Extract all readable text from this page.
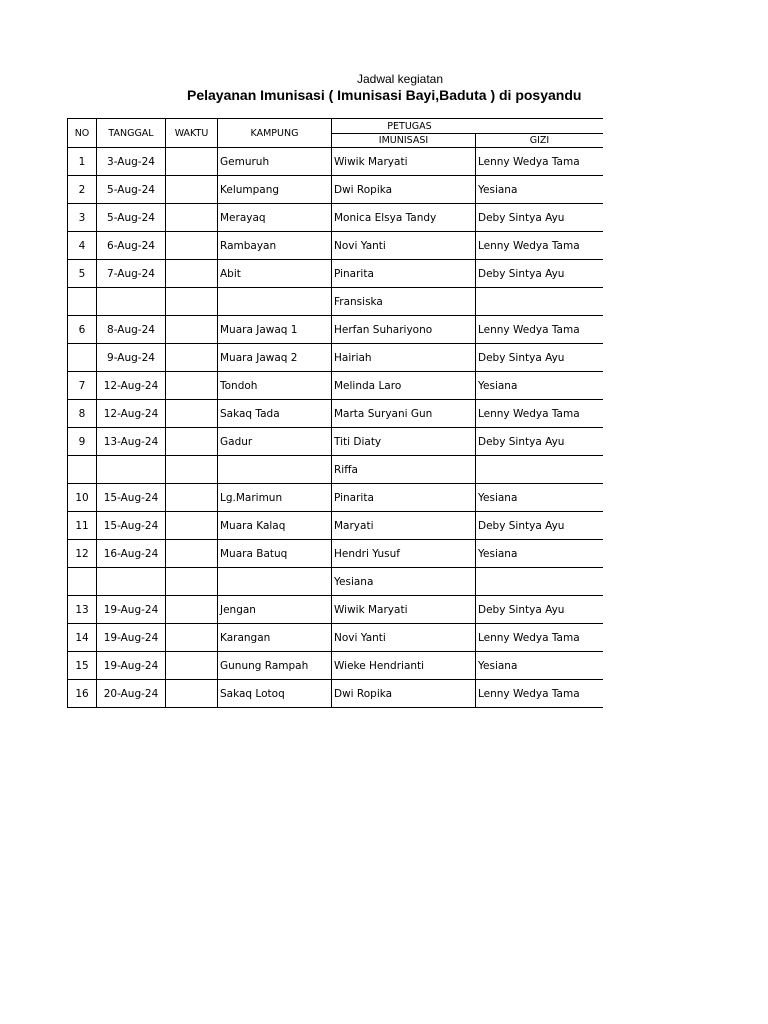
Jadwal kegiatan
Pelayanan Imunisasi ( Imunisasi Bayi,Baduta ) di posyandu
NO	TANGGAL	WAKTU	KAMPUNG	PETUGAS	
				IMUNISASI	GIZI
1	3-Aug-24		Gemuruh	Wiwik Maryati	Lenny Wedya Tama
2	5-Aug-24		Kelumpang	Dwi Ropika	Yesiana
3	5-Aug-24		Merayaq	Monica Elsya Tandy	Deby Sintya Ayu
4	6-Aug-24		Rambayan	Novi Yanti	Lenny Wedya Tama
5	7-Aug-24		Abit	Pinarita	Deby Sintya Ayu
				Fransiska	
6	8-Aug-24		Muara Jawaq 1	Herfan Suhariyono	Lenny Wedya Tama
	9-Aug-24		Muara Jawaq 2	Hairiah	Deby Sintya Ayu
7	12-Aug-24		Tondoh	Melinda Laro	Yesiana
8	12-Aug-24		Sakaq Tada	Marta Suryani Gun	Lenny Wedya Tama
9	13-Aug-24		Gadur	Titi Diaty	Deby Sintya Ayu
				Riffa	
10	15-Aug-24		Lg.Marimun	Pinarita	Yesiana
11	15-Aug-24		Muara Kalaq	Maryati	Deby Sintya Ayu
12	16-Aug-24		Muara Batuq	Hendri Yusuf	Yesiana
				Yesiana	
13	19-Aug-24		Jengan	Wiwik Maryati	Deby Sintya Ayu
14	19-Aug-24		Karangan	Novi Yanti	Lenny Wedya Tama
15	19-Aug-24		Gunung Rampah	Wieke Hendrianti	Yesiana
16	20-Aug-24		Sakaq Lotoq	Dwi Ropika	Lenny Wedya Tama
